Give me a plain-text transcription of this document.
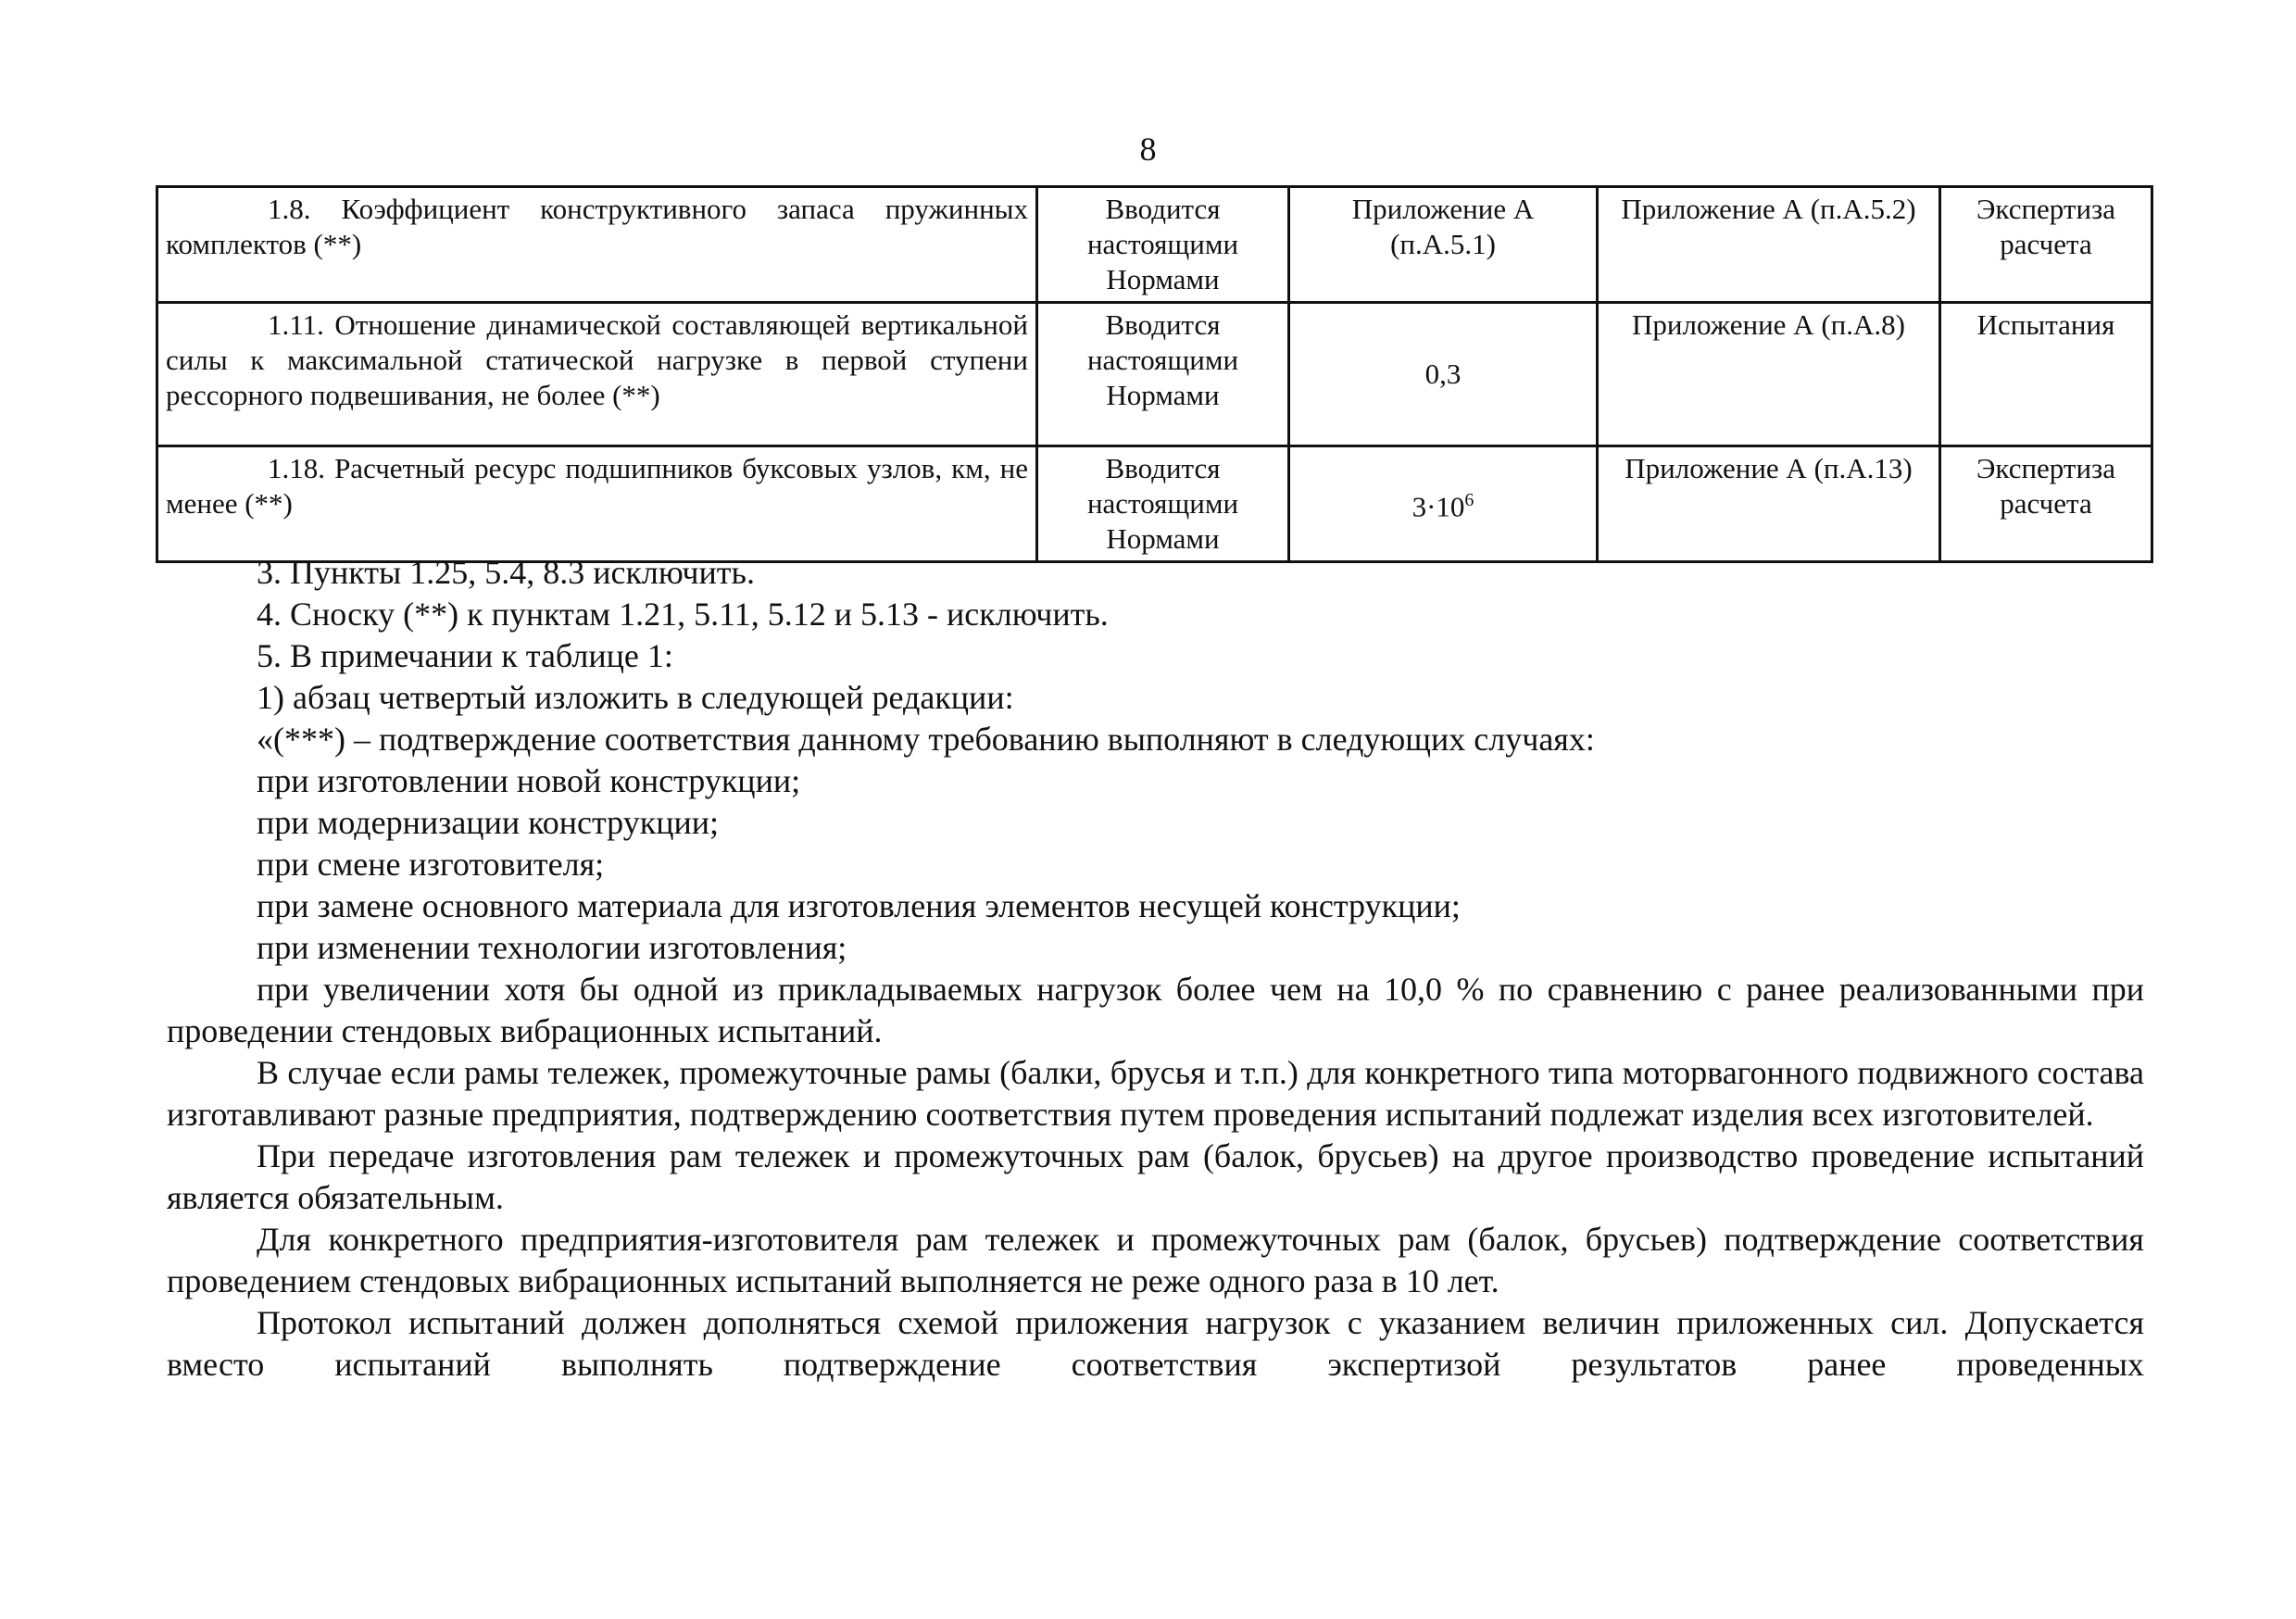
8
1.8. Коэффициент конструктивного запаса пружинных комплектов (**)	Вводится настоящими Нормами	Приложение А (п.А.5.1)	Приложение А (п.А.5.2)	Экспертиза расчета
1.11. Отношение динамической составляющей вертикальной силы к максимальной статической нагрузке в первой ступени рессорного подвешивания, не более (**)	Вводится настоящими Нормами	0,3	Приложение А (п.А.8)	Испытания
1.18. Расчетный ресурс подшипников буксовых узлов, км, не менее (**)	Вводится настоящими Нормами	$3\cdot 10^6$	Приложение А (п.А.13)	Экспертиза расчета

3. Пункты 1.25, 5.4, 8.3 исключить.

4. Сноску (**) к пунктам 1.21, 5.11, 5.12 и 5.13 - исключить.

5. В примечании к таблице 1:

1) абзац четвертый изложить в следующей редакции:

«(***) – подтверждение соответствия данному требованию выполняют в следующих случаях:

при изготовлении новой конструкции;

при модернизации конструкции;

при смене изготовителя;

при замене основного материала для изготовления элементов несущей конструкции;

при изменении технологии изготовления;

при увеличении хотя бы одной из прикладываемых нагрузок более чем на 10,0 % по сравнению с ранее реализованными при проведении стендовых вибрационных испытаний.

В случае если рамы тележек, промежуточные рамы (балки, брусья и т.п.) для конкретного типа моторвагонного подвижного состава изготавливают разные предприятия, подтверждению соответствия путем проведения испытаний подлежат изделия всех изготовителей.

При передаче изготовления рам тележек и промежуточных рам (балок, брусьев) на другое производство проведение испытаний является обязательным.

Для конкретного предприятия-изготовителя рам тележек и промежуточных рам (балок, брусьев) подтверждение соответствия проведением стендовых вибрационных испытаний выполняется не реже одного раза в 10 лет.

Протокол испытаний должен дополняться схемой приложения нагрузок с указанием величин приложенных сил. Допускается вместо испытаний выполнять подтверждение соответствия экспертизой результатов ранее проведенных
